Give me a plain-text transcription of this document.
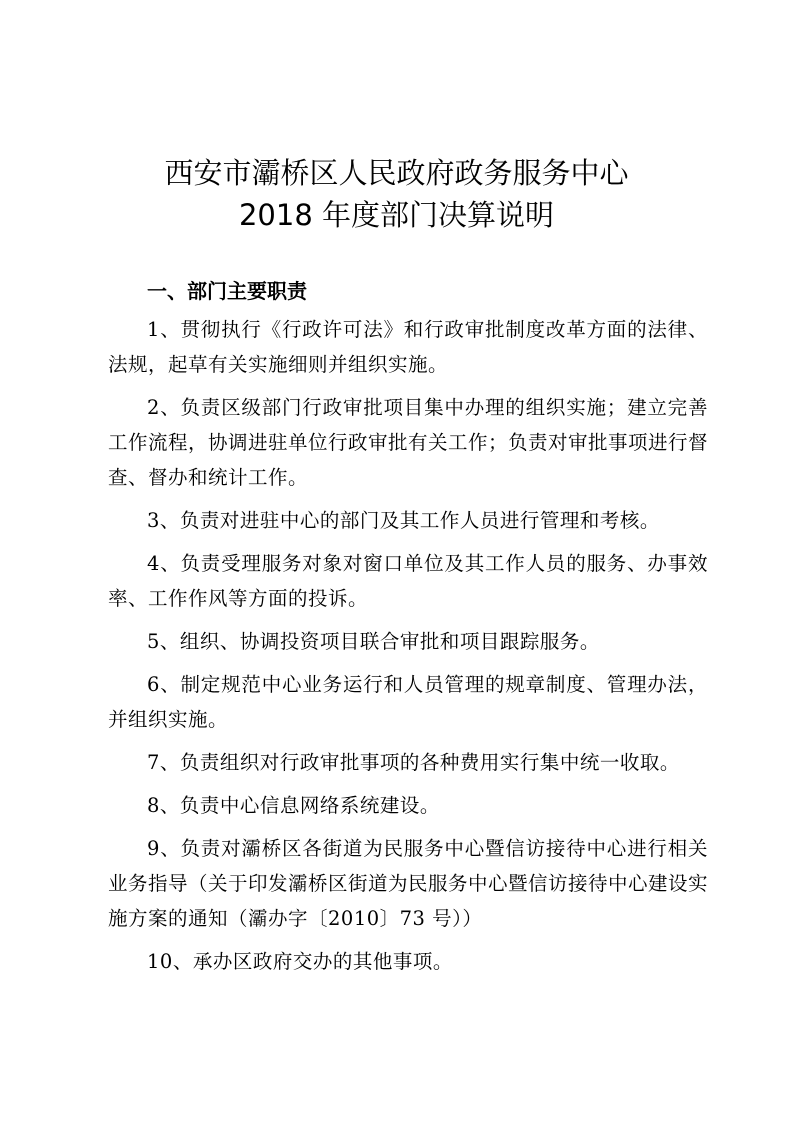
西安市灞桥区人民政府政务服务中心
2018 年度部门决算说明
一、部门主要职责

1、贯彻执行《行政许可法》和行政审批制度改革方面的法律、法规，起草有关实施细则并组织实施。

2、负责区级部门行政审批项目集中办理的组织实施；建立完善工作流程，协调进驻单位行政审批有关工作；负责对审批事项进行督查、督办和统计工作。

3、负责对进驻中心的部门及其工作人员进行管理和考核。

4、负责受理服务对象对窗口单位及其工作人员的服务、办事效率、工作作风等方面的投诉。

5、组织、协调投资项目联合审批和项目跟踪服务。

6、制定规范中心业务运行和人员管理的规章制度、管理办法，并组织实施。

7、负责组织对行政审批事项的各种费用实行集中统一收取。

8、负责中心信息网络系统建设。

9、负责对灞桥区各街道为民服务中心暨信访接待中心进行相关业务指导（关于印发灞桥区街道为民服务中心暨信访接待中心建设实施方案的通知（灞办字〔2010〕73 号））

10、承办区政府交办的其他事项。
